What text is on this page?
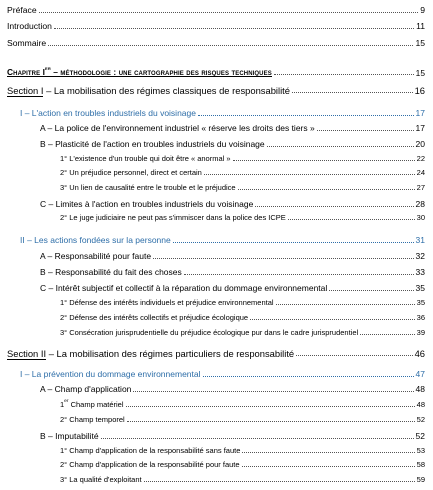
Préface	9
Introduction	11
Sommaire	15
Chapitre Ier – méthodologie : une cartographie des risques techniques	15
Section I – La mobilisation des régimes classiques de responsabilité	16
I – L'action en troubles industriels du voisinage	17
A – La police de l'environnement industriel « réserve les droits des tiers »	17
B – Plasticité de l'action en troubles industriels du voisinage	20
1° L'existence d'un trouble qui doit être « anormal »	22
2° Un préjudice personnel, direct et certain	24
3° Un lien de causalité entre le trouble et le préjudice	27
C – Limites à l'action en troubles industriels du voisinage	28
2° Le juge judiciaire ne peut pas s'immiscer dans la police des ICPE	30
II – Les actions fondées sur la personne	31
A – Responsabilité pour faute	32
B – Responsabilité du fait des choses	33
C – Intérêt subjectif et collectif à la réparation du dommage environnemental	35
1° Défense des intérêts individuels et préjudice environnemental	35
2° Défense des intérêts collectifs et préjudice écologique	36
3° Consécration jurisprudentielle du préjudice écologique pur dans le cadre jurisprudentiel	39
Section II – La mobilisation des régimes particuliers de responsabilité	46
I – La prévention du dommage environnemental	47
A – Champ d'application	48
1er Champ matériel	48
2° Champ temporel	52
B – Imputabilité	52
1° Champ d'application de la responsabilité sans faute	53
2° Champ d'application de la responsabilité pour faute	58
3° La qualité d'exploitant	59
